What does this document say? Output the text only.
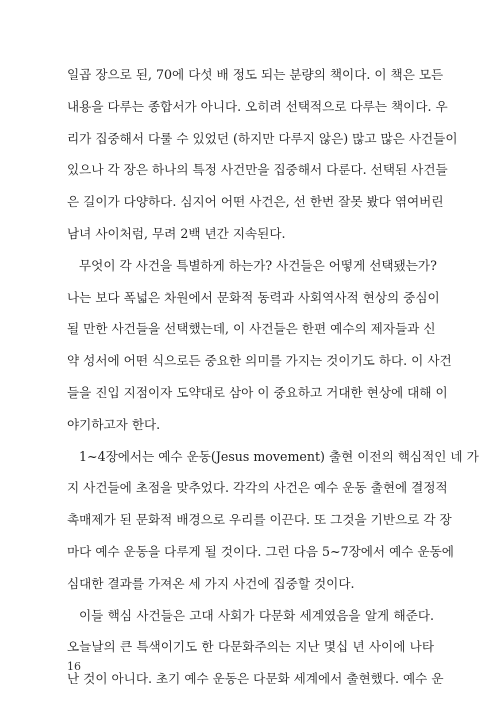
일곱 장으로 된, 70에 다섯 배 정도 되는 분량의 책이다. 이 책은 모든
내용을 다루는 종합서가 아니다. 오히려 선택적으로 다루는 책이다. 우
리가 집중해서 다룰 수 있었던 (하지만 다루지 않은) 많고 많은 사건들이
있으나 각 장은 하나의 특정 사건만을 집중해서 다룬다. 선택된 사건들
은 길이가 다양하다. 심지어 어떤 사건은, 선 한번 잘못 봤다 엮여버린
남녀 사이처럼, 무려 2백 년간 지속된다.
무엇이 각 사건을 특별하게 하는가? 사건들은 어떻게 선택됐는가?
나는 보다 폭넓은 차원에서 문화적 동력과 사회역사적 현상의 중심이
될 만한 사건들을 선택했는데, 이 사건들은 한편 예수의 제자들과 신
약 성서에 어떤 식으로든 중요한 의미를 가지는 것이기도 하다. 이 사건
들을 진입 지점이자 도약대로 삼아 이 중요하고 거대한 현상에 대해 이
야기하고자 한다.
1~4장에서는 예수 운동(Jesus movement) 출현 이전의 핵심적인 네 가
지 사건들에 초점을 맞추었다. 각각의 사건은 예수 운동 출현에 결정적
촉매제가 된 문화적 배경으로 우리를 이끈다. 또 그것을 기반으로 각 장
마다 예수 운동을 다루게 될 것이다. 그런 다음 5~7장에서 예수 운동에
심대한 결과를 가져온 세 가지 사건에 집중할 것이다.
이들 핵심 사건들은 고대 사회가 다문화 세계였음을 알게 해준다.
오늘날의 큰 특색이기도 한 다문화주의는 지난 몇십 년 사이에 나타
난 것이 아니다. 초기 예수 운동은 다문화 세계에서 출현했다. 예수 운
16
